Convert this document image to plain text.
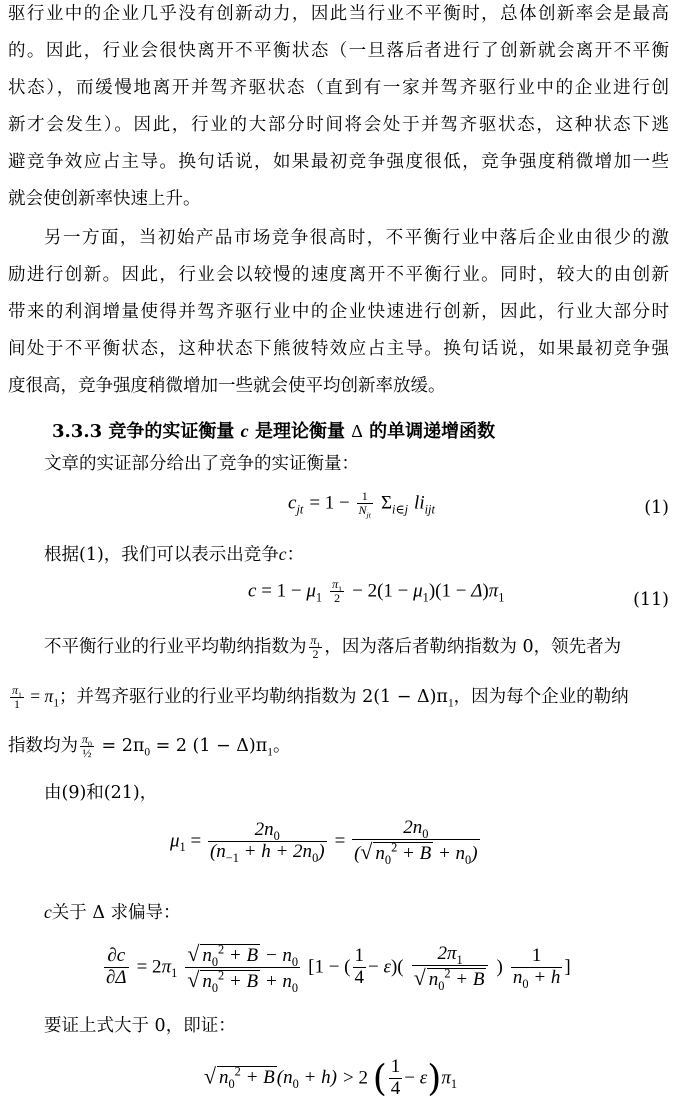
驱行业中的企业几乎没有创新动力，因此当行业不平衡时，总体创新率会是最高
的。因此，行业会很快离开不平衡状态（一旦落后者进行了创新就会离开不平衡
状态），而缓慢地离开并驾齐驱状态（直到有一家并驾齐驱行业中的企业进行创
新才会发生）。因此，行业的大部分时间将会处于并驾齐驱状态，这种状态下逃
避竞争效应占主导。换句话说，如果最初竞争强度很低，竞争强度稍微增加一些
就会使创新率快速上升。
另一方面，当初始产品市场竞争很高时，不平衡行业中落后企业由很少的激
励进行创新。因此，行业会以较慢的速度离开不平衡行业。同时，较大的由创新
带来的利润增量使得并驾齐驱行业中的企业快速进行创新，因此，行业大部分时
间处于不平衡状态，这种状态下熊彼特效应占主导。换句话说，如果最初竞争强
度很高，竞争强度稍微增加一些就会使平均创新率放缓。
3.3.3 竞争的实证衡量 c 是理论衡量 Δ 的单调递增函数
文章的实证部分给出了竞争的实证衡量：
$c_{jt} = 1 - \frac{1}{N_{jt}} \Sigma_{i\in j}$ $li_{ijt}$	(1)
根据(1)，我们可以表示出竞争c：
$c = 1 - \mu_1 \frac{\pi_1}{2} - 2(1 - \mu_1)(1 - \Delta)\pi_1$	(11)
不平衡行业的行业平均勒纳指数为 $\frac{\pi_1}{2}$ ，因为落后者勒纳指数为 0，领先者为
$\frac{\pi_1}{1} = \pi_1$；并驾齐驱行业的行业平均勒纳指数为 $2(1 - \Delta)\pi_1$，因为每个企业的勒纳
指数均为 $\frac{\pi_0}{\text{½}} = 2\pi_0 = 2$ $(1 - \Delta)\pi_1$。
由(9)和(21)，
$\mu_1 = \frac{2n_0}{(n_{-1} + h + 2n_0)} = \frac{2n_0}{(√ n_0^2 + B + n_0)}$
c关于 Δ 求偏导：
$\frac{\partial c}{\partial\Delta} = 2\pi_1 \frac{√ n_0^2 + B - n_0}{√ n_0^2 + B + n_0} [1$ − ( $\frac{1}{4} - \varepsilon)( \frac{2\pi_1}{√ n_0^2 + B}$ ) $\frac{1}{n_0 + h}$ ]
要证上式大于 0，即证：
√ $n_0^2 + B$ $(n_0 + h) > 2$ ( $\frac{1}{4} - \varepsilon)\pi_1$
